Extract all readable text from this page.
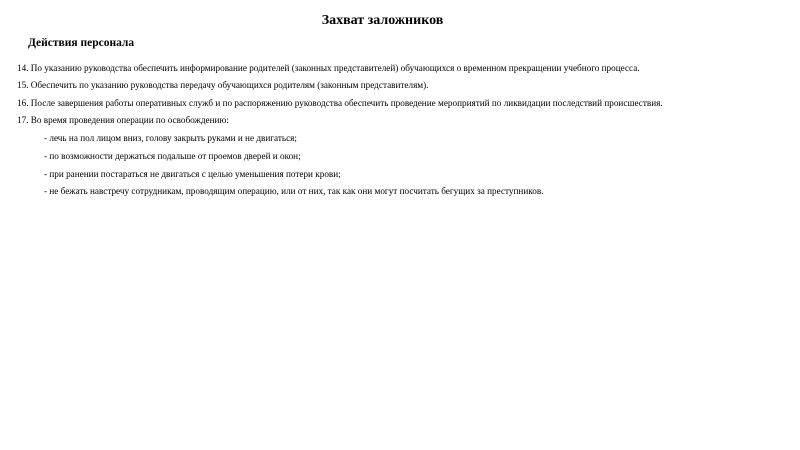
Захват заложников
Действия персонала
14. По указанию руководства обеспечить информирование родителей (законных представителей) обучающихся о временном прекращении учебного процесса.
15. Обеспечить по указанию руководства передачу обучающихся родителям (законным представителям).
16. После завершения работы оперативных служб и по распоряжению руководства обеспечить проведение мероприятий по ликвидации последствий происшествия.
17. Во время проведения операции по освобождению:
- лечь на пол лицом вниз, голову закрыть руками и не двигаться;
- по возможности держаться подальше от проемов дверей и окон;
- при ранении постараться не двигаться с целью уменьшения потери крови;
- не бежать навстречу сотрудникам, проводящим операцию, или от них, так как они могут посчитать бегущих за преступников.
